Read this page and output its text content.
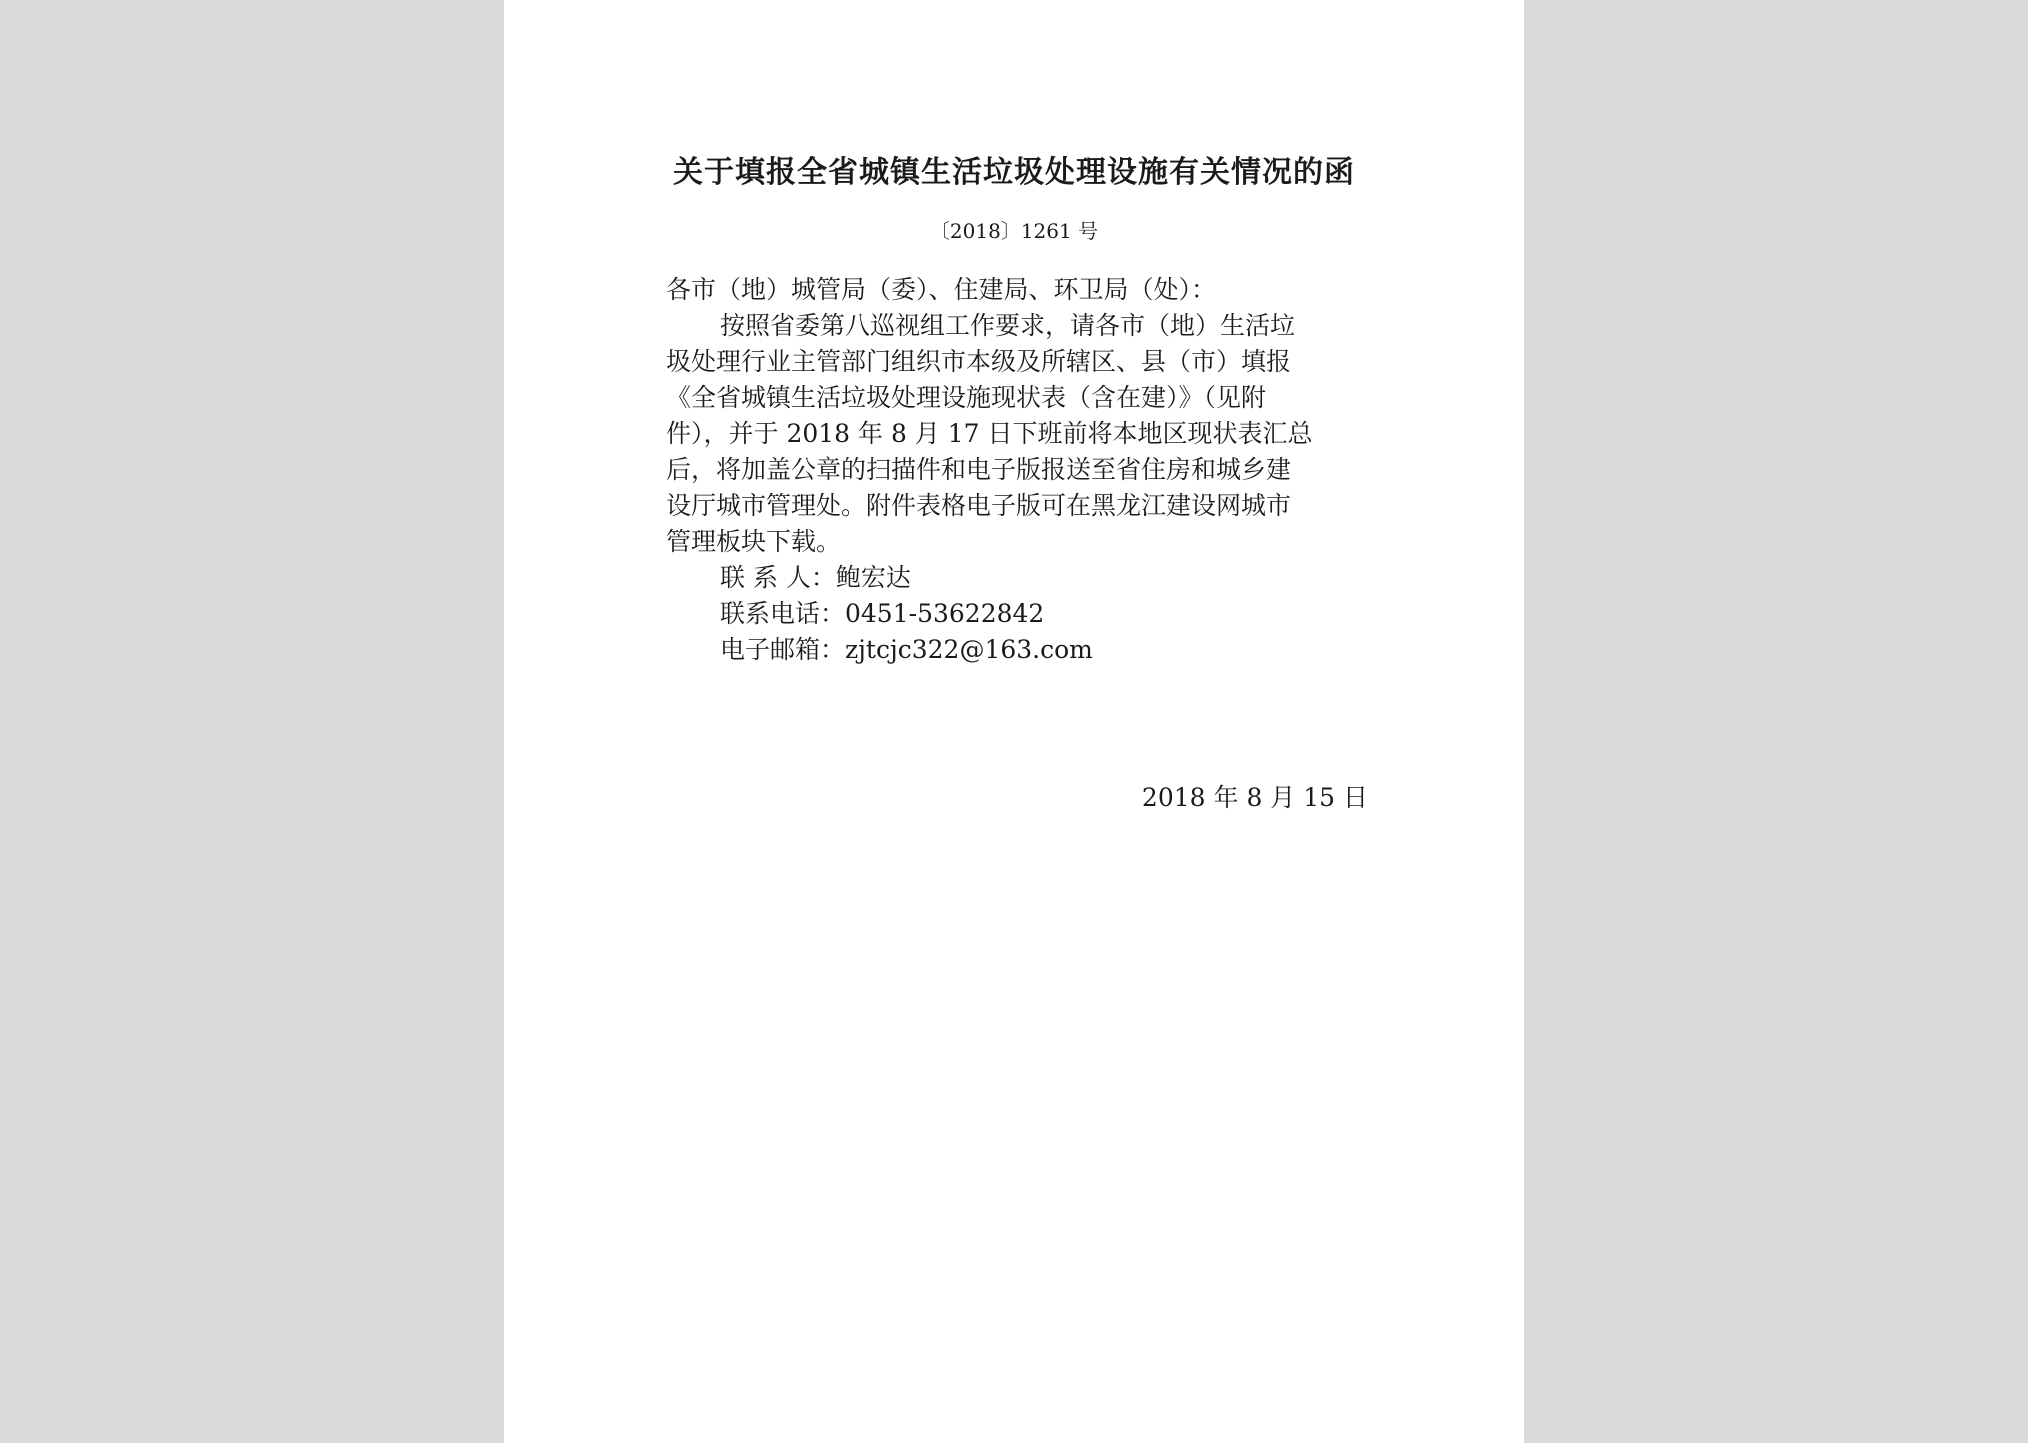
关于填报全省城镇生活垃圾处理设施有关情况的函
〔2018〕1261 号
各市（地）城管局（委）、住建局、环卫局（处）：
按照省委第八巡视组工作要求，请各市（地）生活垃
圾处理行业主管部门组织市本级及所辖区、县（市）填报
《全省城镇生活垃圾处理设施现状表（含在建）》（见附
件），并于 2018 年 8 月 17 日下班前将本地区现状表汇总
后，将加盖公章的扫描件和电子版报送至省住房和城乡建
设厅城市管理处。附件表格电子版可在黑龙江建设网城市
管理板块下载。
联 系 人：鲍宏达
联系电话：0451-53622842
电子邮箱：zjtcjc322@163.com
2018 年 8 月 15 日
